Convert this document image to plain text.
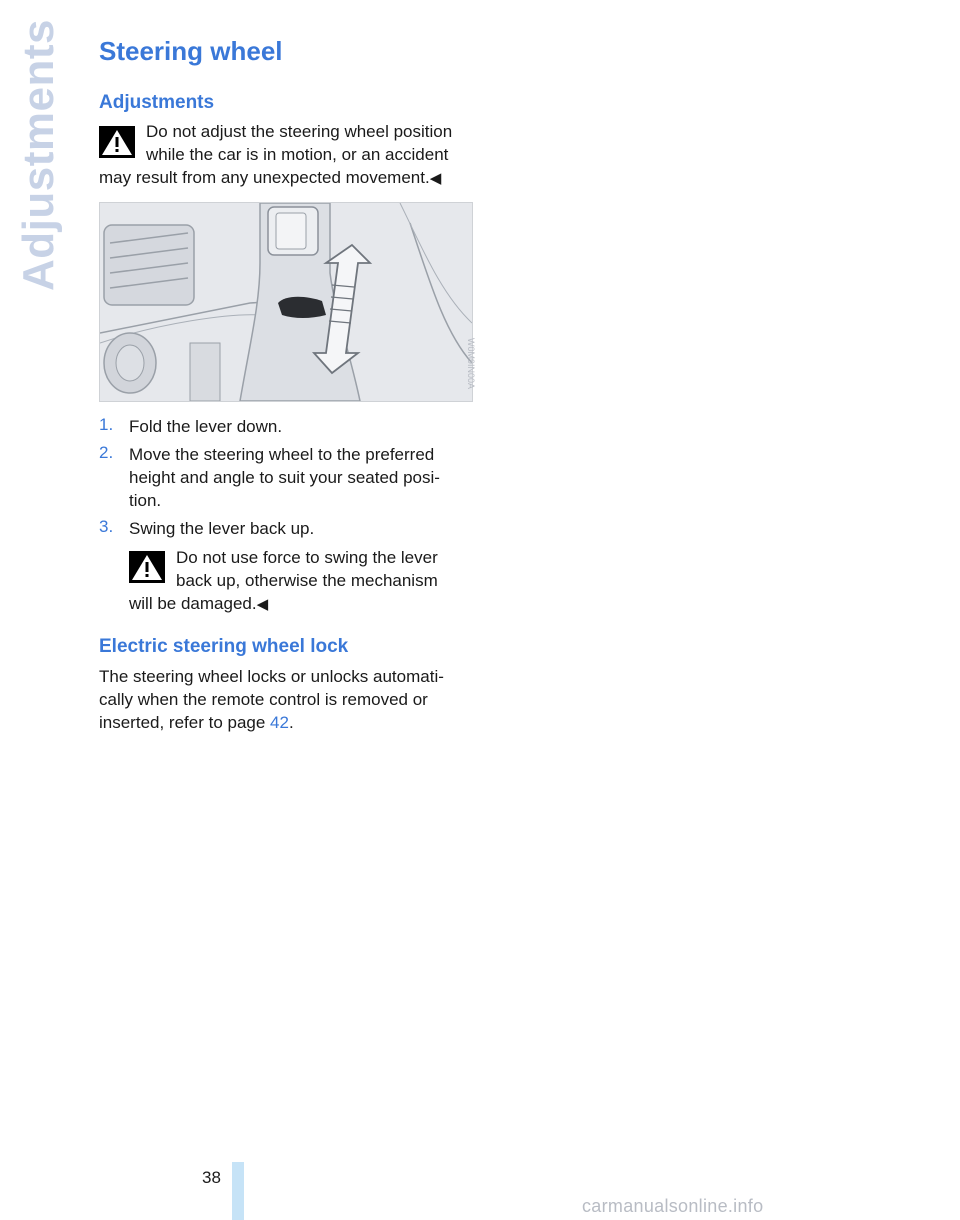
Adjustments Steering wheel
Adjustments
Do not adjust the steering wheel position
while the car is in motion, or an accident
may result from any unexpected movement.◀
W0M9IN00A
1. Fold the lever down.
2. Move the steering wheel to the preferred
height and angle to suit your seated posi-
tion.
3. Swing the lever back up.
Do not use force to swing the lever
back up, otherwise the mechanism
will be damaged.◀
Electric steering wheel lock
The steering wheel locks or unlocks automati-
cally when the remote control is removed or
inserted, refer to page 42.
38
carmanualsonline.info
